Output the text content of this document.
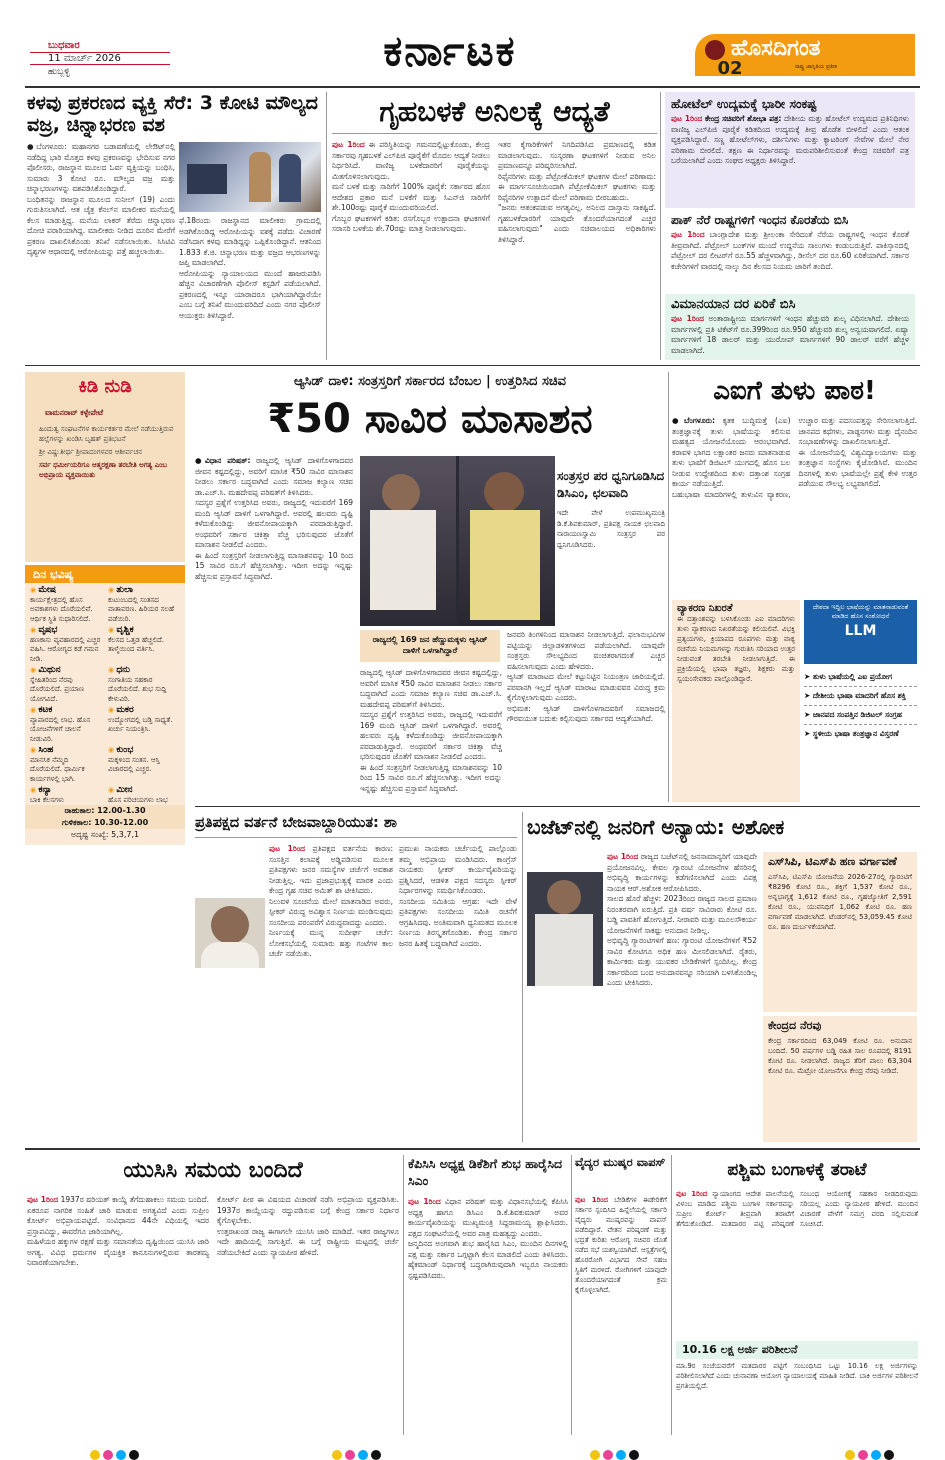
ಬುಧವಾರ
11 ಮಾರ್ಚ್ 2026
ಹುಬ್ಬಳ್ಳಿ	ಕರ್ನಾಟಕ	ಹೊಸದಿಗಂತ
ರಾಷ್ಟ್ರ ಜಾಗೃತಿಯ ಪ್ರತೀಕ
02
ಕಳವು ಪ್ರಕರಣದ ವ್ಯಕ್ತಿ ಸೆರೆ: 3 ಕೋಟಿ ಮೌಲ್ಯದ ವಜ್ರ, ಚಿನ್ನಾಭರಣ ವಶ
●ಬೆಂಗಳೂರು: ಮಹಾನಗರ ಬಡಾವಣೆಯಲ್ಲಿ ಲೇಔಟ್‌ನಲ್ಲಿ ನಡೆದಿದ್ದ ಭಾರಿ ಮೊತ್ತದ ಕಳವು ಪ್ರಕರಣವನ್ನು ಭೇದಿಸುವ ನಗರ ಪೊಲೀಸರು, ರಾಜಸ್ಥಾನ ಮೂಲದ ಓರ್ವ ವ್ಯಕ್ತಿಯನ್ನು ಬಂಧಿಸಿ, ಸುಮಾರು 3 ಕೋಟಿ ರೂ. ಮೌಲ್ಯದ ವಜ್ರ ಮತ್ತು ಚಿನ್ನಾಭರಣಗಳನ್ನು ವಶಪಡಿಸಿಕೊಂಡಿದ್ದಾರೆ.
ಬಂಧಿತನನ್ನು ರಾಜಸ್ಥಾನ ಮೂಲದ ಸುನೀಲ್ (19) ಎಂದು ಗುರುತಿಸಲಾಗಿದೆ. ಆತ ಚೈತ್ರ ಕೆನಲ್‌ನ ಮಾಲೀಕರ ಮನೆಯಲ್ಲಿ ಕೆಲಸ ಮಾಡುತ್ತಿದ್ದ. ಮನೆಯ ಲಾಕರ್ ತೆರೆದು ಚಿನ್ನಾಭರಣ ದೋಚಿ ಪರಾರಿಯಾಗಿದ್ದ. ಮಾಲೀಕರು ನೀಡಿದ ದೂರಿನ ಮೇರೆಗೆ ಪ್ರಕರಣ ದಾಖಲಿಸಿಕೊಂಡು ತನಿಖೆ ನಡೆಸಲಾಯಿತು. ಸಿಸಿಟಿವಿ ದೃಶ್ಯಗಳ ಆಧಾರದಲ್ಲಿ ಆರೋಪಿಯನ್ನು ಪತ್ತೆ ಹಚ್ಚಲಾಯಿತು.
ಫೆ.18ರಂದು ರಾಜಸ್ಥಾನದ ಮಾಲೀಕರು ಗ್ರಾಮದಲ್ಲಿ ಅಡಗಿಕೊಂಡಿದ್ದ ಆರೋಪಿಯನ್ನು ವಶಕ್ಕೆ ಪಡೆದು ವಿಚಾರಣೆ ನಡೆಸಿದಾಗ ಕಳವು ಮಾಡಿದ್ದನ್ನು ಒಪ್ಪಿಕೊಂಡಿದ್ದಾನೆ. ಆತನಿಂದ 1.833 ಕೆ.ಜಿ. ಚಿನ್ನಾಭರಣ ಮತ್ತು ವಜ್ರದ ಆಭರಣಗಳನ್ನು ಜಪ್ತಿ ಮಾಡಲಾಗಿದೆ.
ಆರೋಪಿಯನ್ನು ನ್ಯಾಯಾಲಯದ ಮುಂದೆ ಹಾಜರುಪಡಿಸಿ ಹೆಚ್ಚಿನ ವಿಚಾರಣೆಗಾಗಿ ಪೊಲೀಸ್ ಕಸ್ಟಡಿಗೆ ಪಡೆಯಲಾಗಿದೆ. ಪ್ರಕರಣದಲ್ಲಿ ಇನ್ನೂ ಯಾರಾದರೂ ಭಾಗಿಯಾಗಿದ್ದಾರೆಯೇ ಎಂಬ ಬಗ್ಗೆ ತನಿಖೆ ಮುಂದುವರಿದಿದೆ ಎಂದು ನಗರ ಪೊಲೀಸ್ ಆಯುಕ್ತರು ತಿಳಿಸಿದ್ದಾರೆ.
ಗೃಹಬಳಕೆ ಅನಿಲಕ್ಕೆ ಆದ್ಯತೆ
ಪುಟ 1ರಿಂದ ಈ ಪರಿಸ್ಥಿತಿಯನ್ನು ಗಮನದಲ್ಲಿಟ್ಟುಕೊಂಡು, ಕೇಂದ್ರ ಸರ್ಕಾರವು ಗೃಹಬಳಕೆ ಎಲ್‌ಪಿಜಿ ಪೂರೈಕೆಗೆ ಮೊದಲ ಆದ್ಯತೆ ನೀಡಲು ನಿರ್ಧರಿಸಿದೆ. ವಾಣಿಜ್ಯ ಬಳಕೆದಾರರಿಗೆ ಪೂರೈಕೆಯನ್ನು ಮಿತಗೊಳಿಸಲಾಗುವುದು.
ಮನೆ ಬಳಕೆ ಮತ್ತು ಸಾರಿಗೆಗೆ 100% ಪೂರೈಕೆ: ಸರ್ಕಾರದ ಹೊಸ ಆದೇಶದ ಪ್ರಕಾರ ಮನೆ ಬಳಕೆಗೆ ಮತ್ತು ಸಿಎನ್‌ಜಿ ಸಾರಿಗೆಗೆ ಶೇ.100ರಷ್ಟು ಪೂರೈಕೆ ಮುಂದುವರಿಯಲಿದೆ.
ಗೊಬ್ಬರ ಘಟಕಗಳಿಗೆ ಕಡಿತ: ರಸಗೊಬ್ಬರ ಉತ್ಪಾದನಾ ಘಟಕಗಳಿಗೆ ಸರಾಸರಿ ಬಳಕೆಯ ಶೇ.70ರಷ್ಟು ಮಾತ್ರ ನೀಡಲಾಗುವುದು.
ಇತರ ಕೈಗಾರಿಕೆಗಳಿಗೆ ನಿಗದಿಪಡಿಸಿದ ಪ್ರಮಾಣದಲ್ಲಿ ಕಡಿತ ಮಾಡಲಾಗುವುದು. ಸಂಸ್ಕರಣಾ ಘಟಕಗಳಿಗೆ ನೀಡುವ ಅನಿಲ ಪ್ರಮಾಣವನ್ನೂ ಪರಿಷ್ಕರಿಸಲಾಗಿದೆ.
ರಿಫೈನರಿಗಳು ಮತ್ತು ಪೆಟ್ರೋಕೆಮಿಕಲ್ ಘಟಕಗಳ ಮೇಲೆ ಪರಿಣಾಮ: ಈ ಮಾರ್ಗಸೂಚಿಯಿಂದಾಗಿ ಪೆಟ್ರೋಕೆಮಿಕಲ್ ಘಟಕಗಳು ಮತ್ತು ರಿಫೈನರಿಗಳ ಉತ್ಪಾದನೆ ಮೇಲೆ ಪರಿಣಾಮ ಬೀರಬಹುದು.
"ಜನರು ಆತಂಕಪಡುವ ಅಗತ್ಯವಿಲ್ಲ. ಅನಿಲದ ದಾಸ್ತಾನು ಸಾಕಷ್ಟಿದೆ. ಗೃಹಬಳಕೆದಾರರಿಗೆ ಯಾವುದೇ ತೊಂದರೆಯಾಗದಂತೆ ಎಚ್ಚರ ವಹಿಸಲಾಗುವುದು" ಎಂದು ಸಚಿವಾಲಯದ ಅಧಿಕಾರಿಗಳು ತಿಳಿಸಿದ್ದಾರೆ.
ಹೋಟೆಲ್ ಉದ್ಯಮಕ್ಕೆ ಭಾರೀ ಸಂಕಷ್ಟ
ಪುಟ 1ರಿಂದ ಕೇಂದ್ರ ಸಚಿವರಿಗೆ ಶೋಭಾ ಪತ್ರ: ದೇಶೀಯ ಮತ್ತು ಹೋಟೆಲ್ ಉದ್ಯಮದ ಪ್ರತಿನಿಧಿಗಳು ವಾಣಿಜ್ಯ ಎಲ್‌ಪಿಜಿ ಪೂರೈಕೆ ಕಡಿತದಿಂದ ಉದ್ಯಮಕ್ಕೆ ತೀವ್ರ ಹೊಡೆತ ಬೀಳಲಿದೆ ಎಂದು ಆತಂಕ ವ್ಯಕ್ತಪಡಿಸಿದ್ದಾರೆ. ಸಣ್ಣ ಹೋಟೆಲ್‌ಗಳು, ದರ್ಶಿನಿಗಳು ಮತ್ತು ಕ್ಯಾಟರಿಂಗ್ ಸೇವೆಗಳ ಮೇಲೆ ನೇರ ಪರಿಣಾಮ ಬೀರಲಿದೆ. ತಕ್ಷಣ ಈ ನಿರ್ಧಾರವನ್ನು ಮರುಪರಿಶೀಲಿಸುವಂತೆ ಕೇಂದ್ರ ಸಚಿವರಿಗೆ ಪತ್ರ ಬರೆಯಲಾಗಿದೆ ಎಂದು ಸಂಘದ ಅಧ್ಯಕ್ಷರು ತಿಳಿಸಿದ್ದಾರೆ.
ಪಾಕ್ ನೆರೆ ರಾಷ್ಟ್ರಗಳಿಗೆ ಇಂಧನ ಕೊರತೆಯ ಬಿಸಿ
ಪುಟ 1ರಿಂದ ಬಾಂಗ್ಲಾದೇಶ ಮತ್ತು ಶ್ರೀಲಂಕಾ ಸೇರಿದಂತೆ ನೆರೆಯ ರಾಷ್ಟ್ರಗಳಲ್ಲಿ ಇಂಧನ ಕೊರತೆ ತೀವ್ರವಾಗಿದೆ. ಪೆಟ್ರೋಲ್ ಬಂಕ್‌ಗಳ ಮುಂದೆ ಉದ್ದನೆಯ ಸಾಲುಗಳು ಕಂಡುಬರುತ್ತಿವೆ. ಪಾಕಿಸ್ತಾನದಲ್ಲಿ ಪೆಟ್ರೋಲ್ ದರ ಲೀಟರ್‌ಗೆ ರೂ.55 ಹೆಚ್ಚಳವಾಗಿದ್ದು, ಡೀಸೆಲ್ ದರ ರೂ.60 ಏರಿಕೆಯಾಗಿದೆ. ಸರ್ಕಾರ ಕಚೇರಿಗಳಿಗೆ ವಾರದಲ್ಲಿ ನಾಲ್ಕು ದಿನ ಕೆಲಸದ ನಿಯಮ ಜಾರಿಗೆ ತಂದಿದೆ.
ವಿಮಾನಯಾನ ದರ ಏರಿಕೆ ಬಿಸಿ
ಪುಟ 1ರಿಂದ ಅಂತಾರಾಷ್ಟ್ರೀಯ ಮಾರ್ಗಗಳಿಗೆ ಇಂಧನ ಹೆಚ್ಚುವರಿ ಶುಲ್ಕ ವಿಧಿಸಲಾಗಿದೆ. ದೇಶೀಯ ಮಾರ್ಗಗಳಲ್ಲಿ ಪ್ರತಿ ಟಿಕೆಟ್‌ಗೆ ರೂ.399ರಿಂದ ರೂ.950 ಹೆಚ್ಚುವರಿ ಶುಲ್ಕ ಅನ್ವಯವಾಗಲಿದೆ. ಏಷ್ಯಾ ಮಾರ್ಗಗಳಿಗೆ 18 ಡಾಲರ್ ಮತ್ತು ಯುರೋಪ್ ಮಾರ್ಗಗಳಿಗೆ 90 ಡಾಲರ್ ವರೆಗೆ ಹೆಚ್ಚಳ ಮಾಡಲಾಗಿದೆ.
ಕಿಡಿ ನುಡಿ
ವಾಮನರಾವ್ ಕಳ್ಳೇಪೇಟೆ
ಹಿಂದುತ್ವ ಸಂಘಟನೆಗಳ ಕಾರ್ಯಕರ್ತರ ಮೇಲೆ ನಡೆಯುತ್ತಿರುವ ಹಲ್ಲೆಗಳನ್ನು ಖಂಡಿಸಿ ಬೃಹತ್ ಪ್ರತಿಭಟನೆ
ಶ್ರೀ ವಿಷ್ಣುತೀರ್ಥ ಶ್ರೀಪಾದಂಗಳವರ ಆಶೀರ್ವಚನ
ಸರ್ವ ಧರ್ಮೀಯರಿಗೂ ಆತ್ಮರಕ್ಷಣಾ ತರಬೇತಿ ಅಗತ್ಯ ಎಂಬ ಅಭಿಪ್ರಾಯ ವ್ಯಕ್ತವಾಯಿತು
ದಿನ ಭವಿಷ್ಯ
◉ ಮೇಷ
ಕಾರ್ಯಕ್ಷೇತ್ರದಲ್ಲಿ ಹೊಸ ಅವಕಾಶಗಳು ದೊರೆಯಲಿವೆ. ಆರ್ಥಿಕ ಸ್ಥಿತಿ ಸುಧಾರಿಸಲಿದೆ.
◉ ತುಲಾ
ಕುಟುಂಬದಲ್ಲಿ ಸಂತಸದ ವಾತಾವರಣ. ಹಿರಿಯರ ಸಲಹೆ ಪಡೆಯಿರಿ.
◉ ವೃಷಭ
ಹಣಕಾಸು ವ್ಯವಹಾರದಲ್ಲಿ ಎಚ್ಚರ ವಹಿಸಿ. ಆರೋಗ್ಯದ ಕಡೆ ಗಮನ ನೀಡಿ.
◉ ವೃಶ್ಚಿಕ
ಕೆಲಸದ ಒತ್ತಡ ಹೆಚ್ಚಲಿದೆ. ತಾಳ್ಮೆಯಿಂದ ವರ್ತಿಸಿ.
◉ ಮಿಥುನ
ಸ್ನೇಹಿತರಿಂದ ನೆರವು ದೊರೆಯಲಿದೆ. ಪ್ರಯಾಣ ಯೋಗವಿದೆ.
◉ ಧನು
ಸಂಗಾತಿಯ ಸಹಕಾರ ದೊರೆಯಲಿದೆ. ಶುಭ ಸುದ್ದಿ ಕೇಳುವಿರಿ.
◉ ಕಟಕ
ವ್ಯಾಪಾರದಲ್ಲಿ ಲಾಭ. ಹೊಸ ಯೋಜನೆಗಳಿಗೆ ಚಾಲನೆ ನೀಡುವಿರಿ.
◉ ಮಕರ
ಉದ್ಯೋಗದಲ್ಲಿ ಬಡ್ತಿ ಸಾಧ್ಯತೆ. ಖರ್ಚು ನಿಯಂತ್ರಿಸಿ.
◉ ಸಿಂಹ
ಮಾನಸಿಕ ನೆಮ್ಮದಿ ದೊರೆಯಲಿದೆ. ಧಾರ್ಮಿಕ ಕಾರ್ಯಗಳಲ್ಲಿ ಭಾಗಿ.
◉ ಕುಂಭ
ಮಕ್ಕಳಿಂದ ಸಂತಸ. ಆಸ್ತಿ ವಿಚಾರದಲ್ಲಿ ಎಚ್ಚರ.
◉ ಕನ್ಯಾ
ಬಾಕಿ ಕೆಲಸಗಳು
◉ ಮೀನ
ಹೊಸ ಪರಿಚಯಗಳು ಲಾಭ
ರಾಹುಕಾಲ: 12.00-1.30
ಗುಳಿಕಕಾಲ: 10.30-12.00
ಅದೃಷ್ಟ ಸಂಖ್ಯೆ: 5,3,7,1
ಆ್ಯಸಿಡ್ ದಾಳಿ: ಸಂತ್ರಸ್ತರಿಗೆ ಸರ್ಕಾರದ ಬೆಂಬಲ | ಉತ್ತರಿಸಿದ ಸಚಿವ
₹50 ಸಾವಿರ ಮಾಸಾಶನ
●ವಿಧಾನ ಪರಿಷತ್: ರಾಜ್ಯದಲ್ಲಿ ಆ್ಯಸಿಡ್ ದಾಳಿಗೊಳಗಾದವರ ಜೀವನ ಕಷ್ಟದಲ್ಲಿದ್ದು, ಅವರಿಗೆ ಮಾಸಿಕ ₹50 ಸಾವಿರ ಮಾಸಾಶನ ನೀಡಲು ಸರ್ಕಾರ ಬದ್ಧವಾಗಿದೆ ಎಂದು ಸಮಾಜ ಕಲ್ಯಾಣ ಸಚಿವ ಡಾ.ಎಚ್.ಸಿ. ಮಹದೇವಪ್ಪ ಪರಿಷತ್‌ಗೆ ತಿಳಿಸಿದರು.
ಸದಸ್ಯರ ಪ್ರಶ್ನೆಗೆ ಉತ್ತರಿಸಿದ ಅವರು, ರಾಜ್ಯದಲ್ಲಿ ಇದುವರೆಗೆ 169 ಮಂದಿ ಆ್ಯಸಿಡ್ ದಾಳಿಗೆ ಒಳಗಾಗಿದ್ದಾರೆ. ಅವರಲ್ಲಿ ಹಲವರು ದೃಷ್ಟಿ ಕಳೆದುಕೊಂಡಿದ್ದು ಜೀವನೋಪಾಯಕ್ಕಾಗಿ ಪರದಾಡುತ್ತಿದ್ದಾರೆ. ಅಂಥವರಿಗೆ ಸರ್ಕಾರ ಚಿಕಿತ್ಸಾ ವೆಚ್ಚ ಭರಿಸುವುದರ ಜೊತೆಗೆ ಮಾಸಾಶನ ನೀಡಲಿದೆ ಎಂದರು.
ಈ ಹಿಂದೆ ಸಂತ್ರಸ್ತರಿಗೆ ನೀಡಲಾಗುತ್ತಿದ್ದ ಮಾಸಾಶನವನ್ನು 10 ರಿಂದ 15 ಸಾವಿರ ರೂ.ಗೆ ಹೆಚ್ಚಿಸಲಾಗಿತ್ತು. ಇದೀಗ ಅದನ್ನು ಇನ್ನಷ್ಟು ಹೆಚ್ಚಿಸುವ ಪ್ರಸ್ತಾವನೆ ಸಿದ್ಧವಾಗಿದೆ.
ಸಂತ್ರಸ್ತರ ಪರ ಧ್ವನಿಗೂಡಿಸಿದ ಡಿಸಿಎಂ, ಛಲವಾದಿ
ಇದೇ ವೇಳೆ ಉಪಮುಖ್ಯಮಂತ್ರಿ ಡಿ.ಕೆ.ಶಿವಕುಮಾರ್, ಪ್ರತಿಪಕ್ಷ ನಾಯಕ ಛಲವಾದಿ ನಾರಾಯಣಸ್ವಾಮಿ ಸಂತ್ರಸ್ತರ ಪರ ಧ್ವನಿಗೂಡಿಸಿದರು.
ರಾಜ್ಯದಲ್ಲಿ 169 ಜನ ಹೆಣ್ಣುಮಕ್ಕಳು ಆ್ಯಸಿಡ್ ದಾಳಿಗೆ ಒಳಗಾಗಿದ್ದಾರೆ
ಜನವರಿ ತಿಂಗಳಿನಿಂದ ಮಾಸಾಶನ ನೀಡಲಾಗುತ್ತಿದೆ. ಫಲಾನುಭವಿಗಳ ಪಟ್ಟಿಯನ್ನು ಜಿಲ್ಲಾಡಳಿತಗಳಿಂದ ಪಡೆಯಲಾಗಿದೆ. ಯಾವುದೇ ಸಂತ್ರಸ್ತರು ಸೌಲಭ್ಯದಿಂದ ವಂಚಿತರಾಗದಂತೆ ಎಚ್ಚರ ವಹಿಸಲಾಗುವುದು ಎಂದು ಹೇಳಿದರು.
ಆ್ಯಸಿಡ್ ಮಾರಾಟದ ಮೇಲೆ ಕಟ್ಟುನಿಟ್ಟಿನ ನಿಯಂತ್ರಣ ಜಾರಿಯಲ್ಲಿದೆ. ಪರವಾನಗಿ ಇಲ್ಲದೆ ಆ್ಯಸಿಡ್ ಮಾರಾಟ ಮಾಡುವವರ ವಿರುದ್ಧ ಕ್ರಮ ಕೈಗೊಳ್ಳಲಾಗುವುದು ಎಂದರು.
ಅಭಿಮತ: ಆ್ಯಸಿಡ್ ದಾಳಿಗೊಳಗಾದವರಿಗೆ ಸಮಾಜದಲ್ಲಿ ಗೌರವಯುತ ಬದುಕು ಕಲ್ಪಿಸುವುದು ಸರ್ಕಾರದ ಆದ್ಯತೆಯಾಗಿದೆ.
ರಾಜ್ಯದಲ್ಲಿ ಆ್ಯಸಿಡ್ ದಾಳಿಗೊಳಗಾದವರ ಜೀವನ ಕಷ್ಟದಲ್ಲಿದ್ದು, ಅವರಿಗೆ ಮಾಸಿಕ ₹50 ಸಾವಿರ ಮಾಸಾಶನ ನೀಡಲು ಸರ್ಕಾರ ಬದ್ಧವಾಗಿದೆ ಎಂದು ಸಮಾಜ ಕಲ್ಯಾಣ ಸಚಿವ ಡಾ.ಎಚ್.ಸಿ. ಮಹದೇವಪ್ಪ ಪರಿಷತ್‌ಗೆ ತಿಳಿಸಿದರು.
ಸದಸ್ಯರ ಪ್ರಶ್ನೆಗೆ ಉತ್ತರಿಸಿದ ಅವರು, ರಾಜ್ಯದಲ್ಲಿ ಇದುವರೆಗೆ 169 ಮಂದಿ ಆ್ಯಸಿಡ್ ದಾಳಿಗೆ ಒಳಗಾಗಿದ್ದಾರೆ. ಅವರಲ್ಲಿ ಹಲವರು ದೃಷ್ಟಿ ಕಳೆದುಕೊಂಡಿದ್ದು ಜೀವನೋಪಾಯಕ್ಕಾಗಿ ಪರದಾಡುತ್ತಿದ್ದಾರೆ. ಅಂಥವರಿಗೆ ಸರ್ಕಾರ ಚಿಕಿತ್ಸಾ ವೆಚ್ಚ ಭರಿಸುವುದರ ಜೊತೆಗೆ ಮಾಸಾಶನ ನೀಡಲಿದೆ ಎಂದರು.
ಈ ಹಿಂದೆ ಸಂತ್ರಸ್ತರಿಗೆ ನೀಡಲಾಗುತ್ತಿದ್ದ ಮಾಸಾಶನವನ್ನು 10 ರಿಂದ 15 ಸಾವಿರ ರೂ.ಗೆ ಹೆಚ್ಚಿಸಲಾಗಿತ್ತು. ಇದೀಗ ಅದನ್ನು ಇನ್ನಷ್ಟು ಹೆಚ್ಚಿಸುವ ಪ್ರಸ್ತಾವನೆ ಸಿದ್ಧವಾಗಿದೆ.
ಎಐಗೆ ತುಳು ಪಾಠ!
●ಬೆಂಗಳೂರು: ಕೃತಕ ಬುದ್ಧಿಮತ್ತೆ (ಎಐ) ತಂತ್ರಜ್ಞಾನಕ್ಕೆ ತುಳು ಭಾಷೆಯನ್ನು ಕಲಿಸುವ ಮಹತ್ವದ ಯೋಜನೆಯೊಂದು ಆರಂಭವಾಗಿದೆ. ಕರಾವಳಿ ಭಾಗದ ಲಕ್ಷಾಂತರ ಜನರು ಮಾತನಾಡುವ ತುಳು ಭಾಷೆಗೆ ಡಿಜಿಟಲ್ ಯುಗದಲ್ಲಿ ಹೊಸ ಬಲ ನೀಡುವ ಉದ್ದೇಶದಿಂದ ತುಳು ದತ್ತಾಂಶ ಸಂಗ್ರಹ ಕಾರ್ಯ ನಡೆಯುತ್ತಿದೆ.
ಬಹುಭಾಷಾ ಮಾದರಿಗಳಲ್ಲಿ ತುಳುವಿನ ವ್ಯಾಕರಣ, ಉಚ್ಚಾರ ಮತ್ತು ಪದಸಂಪತ್ತನ್ನು ಸೇರಿಸಲಾಗುತ್ತಿದೆ. ಜಾನಪದ ಕಥೆಗಳು, ಪಾಡ್ದನಗಳು ಮತ್ತು ದೈನಂದಿನ ಸಂಭಾಷಣೆಗಳನ್ನು ದಾಖಲಿಸಲಾಗುತ್ತಿದೆ.
ಈ ಯೋಜನೆಯಲ್ಲಿ ವಿಶ್ವವಿದ್ಯಾಲಯಗಳು ಮತ್ತು ತಂತ್ರಜ್ಞಾನ ಸಂಸ್ಥೆಗಳು ಕೈಜೋಡಿಸಿವೆ. ಮುಂದಿನ ದಿನಗಳಲ್ಲಿ ತುಳು ಭಾಷೆಯಲ್ಲೇ ಪ್ರಶ್ನೆ ಕೇಳಿ ಉತ್ತರ ಪಡೆಯುವ ಸೌಲಭ್ಯ ಲಭ್ಯವಾಗಲಿದೆ.
ವ್ಯಾಕರಣ ನಿಖರತೆ
ಈ ದತ್ತಾಂಶವನ್ನು ಬಳಸಿಕೊಂಡು ಎಐ ಮಾದರಿಗಳು ತುಳು ವ್ಯಾಕರಣದ ನಿಖರತೆಯನ್ನು ಕಲಿಯಲಿವೆ. ವಿಭಕ್ತಿ ಪ್ರತ್ಯಯಗಳು, ಕ್ರಿಯಾಪದ ರೂಪಗಳು ಮತ್ತು ವಾಕ್ಯ ರಚನೆಯ ನಿಯಮಗಳನ್ನು ಗುರುತಿಸಿ ಸರಿಯಾದ ಉತ್ತರ ನೀಡುವಂತೆ ತರಬೇತಿ ನೀಡಲಾಗುತ್ತಿದೆ. ಈ ಪ್ರಕ್ರಿಯೆಯಲ್ಲಿ ಭಾಷಾ ತಜ್ಞರು, ಶಿಕ್ಷಕರು ಮತ್ತು ಸ್ವಯಂಸೇವಕರು ಪಾಲ್ಗೊಂಡಿದ್ದಾರೆ.
ದೇಶದಾ ಇದ್ದಿಲ ಭಾಷೆಯನ್ನು ಮಾತನಾಡುವಂತೆ ಮಾಡಿದ ಹೊಸ ಸಂಶೋಧನೆ
LLM
➤ ತುಳು ಭಾಷೆಯಲ್ಲಿ ಎಐ ಪ್ರಯೋಗ
➤ ದೇಶೀಯ ಭಾಷಾ ಮಾದರಿಗೆ ಹೊಸ ಶಕ್ತಿ
➤ ಜಾನಪದ ಸಂಪತ್ತಿನ ಡಿಜಿಟಲ್ ಸಂಗ್ರಹ
➤ ಸ್ಥಳೀಯ ಭಾಷಾ ತಂತ್ರಜ್ಞಾನ ವಿಸ್ತರಣೆ
ಪ್ರತಿಪಕ್ಷದ ವರ್ತನೆ ಬೇಜವಾಬ್ದಾರಿಯುತ: ಶಾ
ಪುಟ 1ರಿಂದ ಪ್ರತಿಪಕ್ಷದ ವರ್ತನೆಯ ಕಾರಣ: ಸಂಸತ್ತಿನ ಕಲಾಪಕ್ಕೆ ಅಡ್ಡಿಪಡಿಸುವ ಮೂಲಕ ಪ್ರತಿಪಕ್ಷಗಳು ಜನರ ಸಮಸ್ಯೆಗಳ ಚರ್ಚೆಗೆ ಅವಕಾಶ ನೀಡುತ್ತಿಲ್ಲ. ಇದು ಪ್ರಜಾಪ್ರಭುತ್ವಕ್ಕೆ ಮಾರಕ ಎಂದು ಕೇಂದ್ರ ಗೃಹ ಸಚಿವ ಅಮಿತ್ ಶಾ ಟೀಕಿಸಿದರು.
ನಿಲುವಳಿ ಸೂಚನೆಯ ಮೇಲೆ ಮಾತನಾಡಿದ ಅವರು, ಸ್ಪೀಕರ್ ವಿರುದ್ಧ ಅವಿಶ್ವಾಸ ನಿರ್ಣಯ ಮಂಡಿಸುವುದು ಸಂಸದೀಯ ಪರಂಪರೆಗೆ ವಿರುದ್ಧವಾದದ್ದು ಎಂದರು.
ನಿರ್ಣಯಕ್ಕೆ ಮುನ್ನ ಸುದೀರ್ಘ ಚರ್ಚೆ: ಲೋಕಸಭೆಯಲ್ಲಿ ಸುಮಾರು ಹತ್ತು ಗಂಟೆಗಳ ಕಾಲ ಚರ್ಚೆ ನಡೆಯಿತು.
ಪ್ರಮುಖ ನಾಯಕರು ಚರ್ಚೆಯಲ್ಲಿ ಪಾಲ್ಗೊಂಡು ತಮ್ಮ ಅಭಿಪ್ರಾಯ ಮಂಡಿಸಿದರು. ಕಾಂಗ್ರೆಸ್ ನಾಯಕರು ಸ್ಪೀಕರ್ ಕಾರ್ಯವೈಖರಿಯನ್ನು ಪ್ರಶ್ನಿಸಿದರೆ, ಆಡಳಿತ ಪಕ್ಷದ ಸದಸ್ಯರು ಸ್ಪೀಕರ್ ನಿರ್ಧಾರಗಳನ್ನು ಸಮರ್ಥಿಸಿಕೊಂಡರು.
ಸಂಸದೀಯ ಸಮಿತಿಯ ಆಗ್ರಹ: ಇದೇ ವೇಳೆ ಪ್ರತಿಪಕ್ಷಗಳು ಸಂಸದೀಯ ಸಮಿತಿ ರಚನೆಗೆ ಆಗ್ರಹಿಸಿದವು. ಅಂತಿಮವಾಗಿ ಧ್ವನಿಮತದ ಮೂಲಕ ನಿರ್ಣಯ ತಿರಸ್ಕೃತಗೊಂಡಿತು. ಕೇಂದ್ರ ಸರ್ಕಾರ ಜನರ ಹಿತಕ್ಕೆ ಬದ್ಧವಾಗಿದೆ ಎಂದರು.
ಬಜೆಟ್‌ನಲ್ಲಿ ಜನರಿಗೆ ಅನ್ಯಾಯ: ಅಶೋಕ
ಪುಟ 1ರಿಂದ ರಾಜ್ಯದ ಬಜೆಟ್‌ನಲ್ಲಿ ಜನಸಾಮಾನ್ಯರಿಗೆ ಯಾವುದೇ ಪ್ರಯೋಜನವಿಲ್ಲ. ಕೇವಲ ಗ್ಯಾರಂಟಿ ಯೋಜನೆಗಳ ಹೆಸರಿನಲ್ಲಿ ಅಭಿವೃದ್ಧಿ ಕಾರ್ಯಗಳನ್ನು ಕಡೆಗಣಿಸಲಾಗಿದೆ ಎಂದು ವಿಪಕ್ಷ ನಾಯಕ ಆರ್.ಅಶೋಕ ಆರೋಪಿಸಿದರು.
ಸಾಲದ ಹೊರೆ ಹೆಚ್ಚಳ: 2023ರಿಂದ ರಾಜ್ಯದ ಸಾಲದ ಪ್ರಮಾಣ ನಿರಂತರವಾಗಿ ಏರುತ್ತಿದೆ. ಪ್ರತಿ ವರ್ಷ ಸಾವಿರಾರು ಕೋಟಿ ರೂ. ಬಡ್ಡಿ ಪಾವತಿಗೆ ಹೋಗುತ್ತಿದೆ. ನೀರಾವರಿ ಮತ್ತು ಮೂಲಸೌಕರ್ಯ ಯೋಜನೆಗಳಿಗೆ ಸಾಕಷ್ಟು ಅನುದಾನ ನೀಡಿಲ್ಲ.
ಅಭಿವೃದ್ಧಿ ಗ್ಯಾರಂಟಿಗಳಿಗೆ ಹಣ: ಗ್ಯಾರಂಟಿ ಯೋಜನೆಗಳಿಗೆ ₹52 ಸಾವಿರ ಕೋಟಿಗೂ ಅಧಿಕ ಹಣ ಮೀಸಲಿಡಲಾಗಿದೆ. ರೈತರು, ಕಾರ್ಮಿಕರು ಮತ್ತು ಯುವಕರ ಬೇಡಿಕೆಗಳಿಗೆ ಸ್ಪಂದಿಸಿಲ್ಲ. ಕೇಂದ್ರ ಸರ್ಕಾರದಿಂದ ಬಂದ ಅನುದಾನವನ್ನೂ ಸರಿಯಾಗಿ ಬಳಸಿಕೊಂಡಿಲ್ಲ ಎಂದು ಟೀಕಿಸಿದರು.
ಎಸ್‌ಸಿಪಿ, ಟಿಎಸ್‌ಪಿ ಹಣ ವರ್ಗಾವಣೆ
ಎಸ್‌ಸಿಪಿ, ಟಿಎಸ್‌ಪಿ ಯೋಜನೆಯ 2026-27ರಲ್ಲಿ ಗ್ಯಾರಂಟಿಗೆ ₹8296 ಕೋಟಿ ರೂ., ಶಕ್ತಿಗೆ 1,537 ಕೋಟಿ ರೂ., ಅನ್ನಭಾಗ್ಯಕ್ಕೆ 1,612 ಕೋಟಿ ರೂ., ಗೃಹಜ್ಯೋತಿಗೆ 2,591 ಕೋಟಿ ರೂ., ಯುವನಿಧಿಗೆ 1,062 ಕೋಟಿ ರೂ. ಹಣ ವರ್ಗಾವಣೆ ಮಾಡಲಾಗಿದೆ. ಟೆಂಡರ್‌ನಲ್ಲಿ 53,059.45 ಕೋಟಿ ರೂ. ಹಣ ದುರ್ಬಳಕೆಯಾಗಿದೆ.
ಕೇಂದ್ರದ ನೆರವು
ಕೇಂದ್ರ ಸರ್ಕಾರದಿಂದ 63,049 ಕೋಟಿ ರೂ. ಅನುದಾನ ಬಂದಿದೆ. 50 ವರ್ಷಗಳ ಬಡ್ಡಿ ರಹಿತ ಸಾಲ ರೂಪದಲ್ಲಿ 8191 ಕೋಟಿ ರೂ. ನೀಡಲಾಗಿದೆ. ರಾಜ್ಯದ ತೆರಿಗೆ ಪಾಲು 63,304 ಕೋಟಿ ರೂ. ಮೆಟ್ರೋ ಯೋಜನೆಗೂ ಕೇಂದ್ರ ನೆರವು ನೀಡಿದೆ.
ಯುಸಿಸಿ ಸಮಯ ಬಂದಿದೆ
ಪುಟ 1ರಿಂದ 1937ರ ಷರಿಯತ್ ಕಾಯ್ದೆ ತೆಗೆದುಹಾಕಲು ಸಮಯ ಬಂದಿದೆ. ಏಕರೂಪ ನಾಗರಿಕ ಸಂಹಿತೆ ಜಾರಿ ಮಾಡುವ ಅಗತ್ಯವಿದೆ ಎಂದು ಸುಪ್ರೀಂ ಕೋರ್ಟ್ ಅಭಿಪ್ರಾಯಪಟ್ಟಿದೆ. ಸಂವಿಧಾನದ 44ನೇ ವಿಧಿಯಲ್ಲಿ ಇದರ ಪ್ರಸ್ತಾಪವಿದ್ದು, ಈವರೆಗೂ ಜಾರಿಯಾಗಿಲ್ಲ.
ಮಹಿಳೆಯರ ಹಕ್ಕುಗಳ ರಕ್ಷಣೆ ಮತ್ತು ಸಮಾನತೆಯ ದೃಷ್ಟಿಯಿಂದ ಯುಸಿಸಿ ಜಾರಿ ಅಗತ್ಯ. ವಿವಿಧ ಧರ್ಮಗಳ ವೈಯಕ್ತಿಕ ಕಾನೂನುಗಳಲ್ಲಿರುವ ತಾರತಮ್ಯ ನಿವಾರಣೆಯಾಗಬೇಕು.
ಕೋರ್ಟ್ ಪೀಠ ಈ ವಿಷಯದ ವಿಚಾರಣೆ ನಡೆಸಿ ಅಭಿಪ್ರಾಯ ವ್ಯಕ್ತಪಡಿಸಿತು. 1937ರ ಕಾಯ್ದೆಯನ್ನು ರದ್ದುಪಡಿಸುವ ಬಗ್ಗೆ ಕೇಂದ್ರ ಸರ್ಕಾರ ನಿರ್ಧಾರ ಕೈಗೊಳ್ಳಬೇಕು.
ಉತ್ತರಾಖಂಡ ರಾಜ್ಯ ಈಗಾಗಲೇ ಯುಸಿಸಿ ಜಾರಿ ಮಾಡಿದೆ. ಇತರ ರಾಜ್ಯಗಳೂ ಇದೇ ಹಾದಿಯಲ್ಲಿ ಸಾಗುತ್ತಿವೆ. ಈ ಬಗ್ಗೆ ರಾಷ್ಟ್ರೀಯ ಮಟ್ಟದಲ್ಲಿ ಚರ್ಚೆ ನಡೆಯಬೇಕಿದೆ ಎಂದು ನ್ಯಾಯಪೀಠ ಹೇಳಿದೆ.
ಕೆಪಿಸಿಸಿ ಅಧ್ಯಕ್ಷ ಡಿಕೆಶಿಗೆ ಶುಭ ಹಾರೈಸಿದ ಸಿಎಂ
ಪುಟ 1ರಿಂದ ವಿಧಾನ ಪರಿಷತ್ ಮತ್ತು ವಿಧಾನಸಭೆಯಲ್ಲಿ ಕೆಪಿಸಿಸಿ ಅಧ್ಯಕ್ಷ ಹಾಗೂ ಡಿಸಿಎಂ ಡಿ.ಕೆ.ಶಿವಕುಮಾರ್ ಅವರ ಕಾರ್ಯವೈಖರಿಯನ್ನು ಮುಖ್ಯಮಂತ್ರಿ ಸಿದ್ದರಾಮಯ್ಯ ಶ್ಲಾಘಿಸಿದರು. ಪಕ್ಷದ ಸಂಘಟನೆಯಲ್ಲಿ ಅವರ ಪಾತ್ರ ಮಹತ್ವದ್ದು ಎಂದರು.
ಜನ್ಮದಿನದ ಅಂಗವಾಗಿ ಶುಭ ಹಾರೈಸಿದ ಸಿಎಂ, ಮುಂದಿನ ದಿನಗಳಲ್ಲಿ ಪಕ್ಷ ಮತ್ತು ಸರ್ಕಾರ ಒಗ್ಗಟ್ಟಾಗಿ ಕೆಲಸ ಮಾಡಲಿದೆ ಎಂದು ತಿಳಿಸಿದರು. ಹೈಕಮಾಂಡ್ ನಿರ್ಧಾರಕ್ಕೆ ಬದ್ಧರಾಗಿರುವುದಾಗಿ ಇಬ್ಬರೂ ನಾಯಕರು ಸ್ಪಷ್ಟಪಡಿಸಿದರು.
ವೈದ್ಯರ ಮುಷ್ಕರ ವಾಪಸ್
ಪುಟ 1ರಿಂದ ಬೇಡಿಕೆಗಳ ಈಡೇರಿಕೆಗೆ ಸರ್ಕಾರ ಸ್ಪಂದಿಸಿದ ಹಿನ್ನೆಲೆಯಲ್ಲಿ ಸರ್ಕಾರಿ ವೈದ್ಯರು ಮುಷ್ಕರವನ್ನು ವಾಪಸ್ ಪಡೆದಿದ್ದಾರೆ. ವೇತನ ಪರಿಷ್ಕರಣೆ ಮತ್ತು ಭದ್ರತೆ ಕುರಿತು ಆರೋಗ್ಯ ಸಚಿವರ ಜೊತೆ ನಡೆದ ಸಭೆ ಯಶಸ್ವಿಯಾಗಿದೆ. ಆಸ್ಪತ್ರೆಗಳಲ್ಲಿ ಹೊರರೋಗಿ ವಿಭಾಗದ ಸೇವೆ ಸಹಜ ಸ್ಥಿತಿಗೆ ಮರಳಿದೆ. ರೋಗಿಗಳಿಗೆ ಯಾವುದೇ ತೊಂದರೆಯಾಗದಂತೆ ಕ್ರಮ ಕೈಗೊಳ್ಳಲಾಗಿದೆ.
ಪಶ್ಚಿಮ ಬಂಗಾಳಕ್ಕೆ ತರಾಟೆ
ಪುಟ 1ರಿಂದ ನ್ಯಾಯಾಂಗದ ಆದೇಶ ಪಾಲನೆಯಲ್ಲಿ ವಿಳಂಬ ಮಾಡಿದ ಪಶ್ಚಿಮ ಬಂಗಾಳ ಸರ್ಕಾರವನ್ನು ಸುಪ್ರೀಂ ಕೋರ್ಟ್ ತೀವ್ರವಾಗಿ ತರಾಟೆಗೆ ತೆಗೆದುಕೊಂಡಿದೆ. ಮತದಾರರ ಪಟ್ಟಿ ಪರಿಷ್ಕರಣೆ ಸಂಬಂಧ ಆಯೋಗಕ್ಕೆ ಸಹಕಾರ ನೀಡದಿರುವುದು ಸರಿಯಲ್ಲ ಎಂದು ನ್ಯಾಯಪೀಠ ಹೇಳಿದೆ. ಮುಂದಿನ ವಿಚಾರಣೆ ವೇಳೆಗೆ ಸಮಗ್ರ ವರದಿ ಸಲ್ಲಿಸುವಂತೆ ಸೂಚಿಸಿದೆ.
10.16 ಲಕ್ಷ ಅರ್ಜಿ ಪರಿಶೀಲನೆ
ಮಾ.9ರ ಸಂಜೆಯವರೆಗೆ ಮತದಾರರ ಪಟ್ಟಿಗೆ ಸಂಬಂಧಿಸಿದ ಒಟ್ಟು 10.16 ಲಕ್ಷ ಅರ್ಜಿಗಳನ್ನು ಪರಿಶೀಲಿಸಲಾಗಿದೆ ಎಂದು ಚುನಾವಣಾ ಆಯೋಗ ನ್ಯಾಯಾಲಯಕ್ಕೆ ಮಾಹಿತಿ ನೀಡಿದೆ. ಬಾಕಿ ಅರ್ಜಿಗಳ ಪರಿಶೀಲನೆ ಪ್ರಗತಿಯಲ್ಲಿದೆ.
